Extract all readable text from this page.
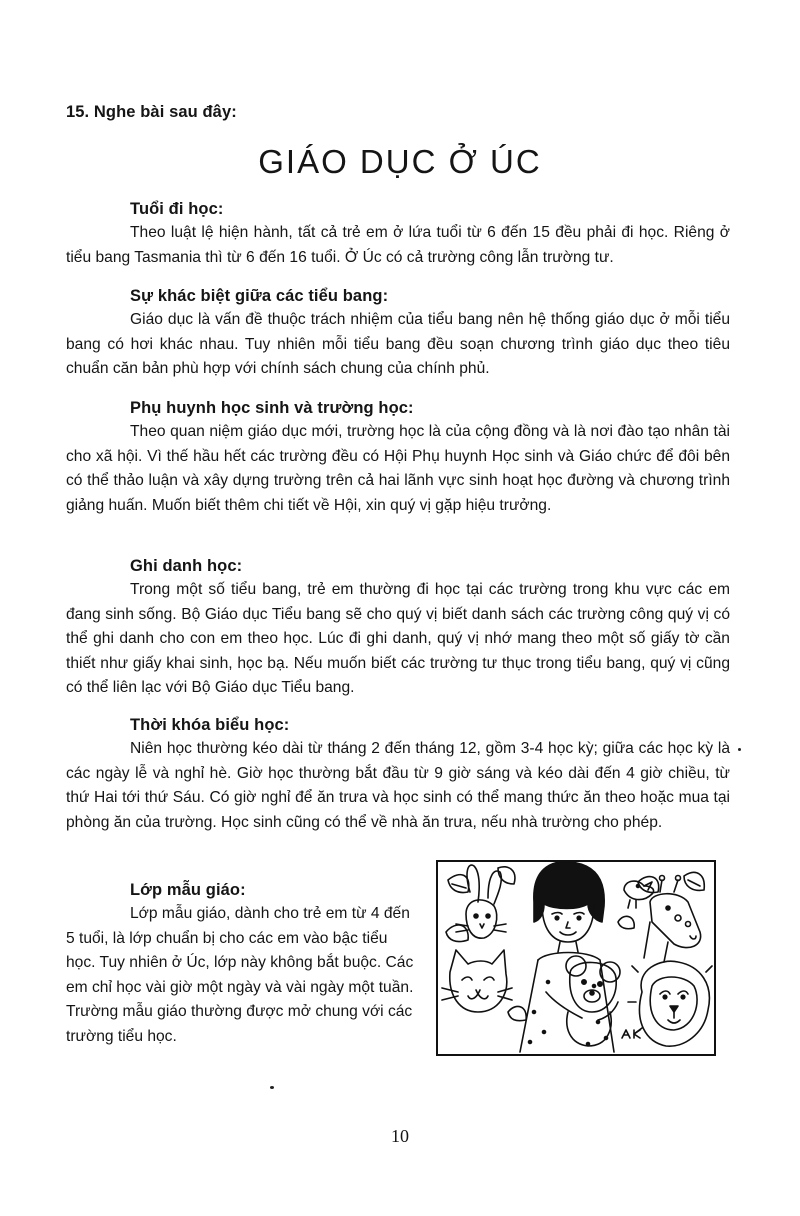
15. Nghe bài sau đây:
GIÁO DỤC Ở ÚC
Tuổi đi học:

Theo luật lệ hiện hành, tất cả trẻ em ở lứa tuổi từ 6 đến 15 đều phải đi học. Riêng ở tiểu bang Tasmania thì từ 6 đến 16 tuổi. Ở Úc có cả trường công lẫn trường tư.

Sự khác biệt giữa các tiểu bang:

Giáo dục là vấn đề thuộc trách nhiệm của tiểu bang nên hệ thống giáo dục ở mỗi tiểu bang có hơi khác nhau. Tuy nhiên mỗi tiểu bang đều soạn chương trình giáo dục theo tiêu chuẩn căn bản phù hợp với chính sách chung của chính phủ.

Phụ huynh học sinh và trường học:

Theo quan niệm giáo dục mới, trường học là của cộng đồng và là nơi đào tạo nhân tài cho xã hội. Vì thế hầu hết các trường đều có Hội Phụ huynh Học sinh và Giáo chức để đôi bên có thể thảo luận và xây dựng trường trên cả hai lãnh vực sinh hoạt học đường và chương trình giảng huấn. Muốn biết thêm chi tiết về Hội, xin quý vị gặp hiệu trưởng.

Ghi danh học:

Trong một số tiểu bang, trẻ em thường đi học tại các trường trong khu vực các em đang sinh sống. Bộ Giáo dục Tiểu bang sẽ cho quý vị biết danh sách các trường công quý vị có thể ghi danh cho con em theo học. Lúc đi ghi danh, quý vị nhớ mang theo một số giấy tờ cần thiết như giấy khai sinh, học bạ. Nếu muốn biết các trường tư thục trong tiểu bang, quý vị cũng có thể liên lạc với Bộ Giáo dục Tiểu bang.

Thời khóa biểu học:

Niên học thường kéo dài từ tháng 2 đến tháng 12, gồm 3-4 học kỳ; giữa các học kỳ là các ngày lễ và nghỉ hè. Giờ học thường bắt đầu từ 9 giờ sáng và kéo dài đến 4 giờ chiều, từ thứ Hai tới thứ Sáu. Có giờ nghỉ để ăn trưa và học sinh có thể mang thức ăn theo hoặc mua tại phòng ăn của trường. Học sinh cũng có thể về nhà ăn trưa, nếu nhà trường cho phép.

Lớp mẫu giáo:

Lớp mẫu giáo, dành cho trẻ em từ 4 đến 5 tuổi, là lớp chuẩn bị cho các em vào bậc tiểu học. Tuy nhiên ở Úc, lớp này không bắt buộc. Các em chỉ học vài giờ một ngày và vài ngày một tuần. Trường mẫu giáo thường được mở chung với các trường tiểu học.

10
